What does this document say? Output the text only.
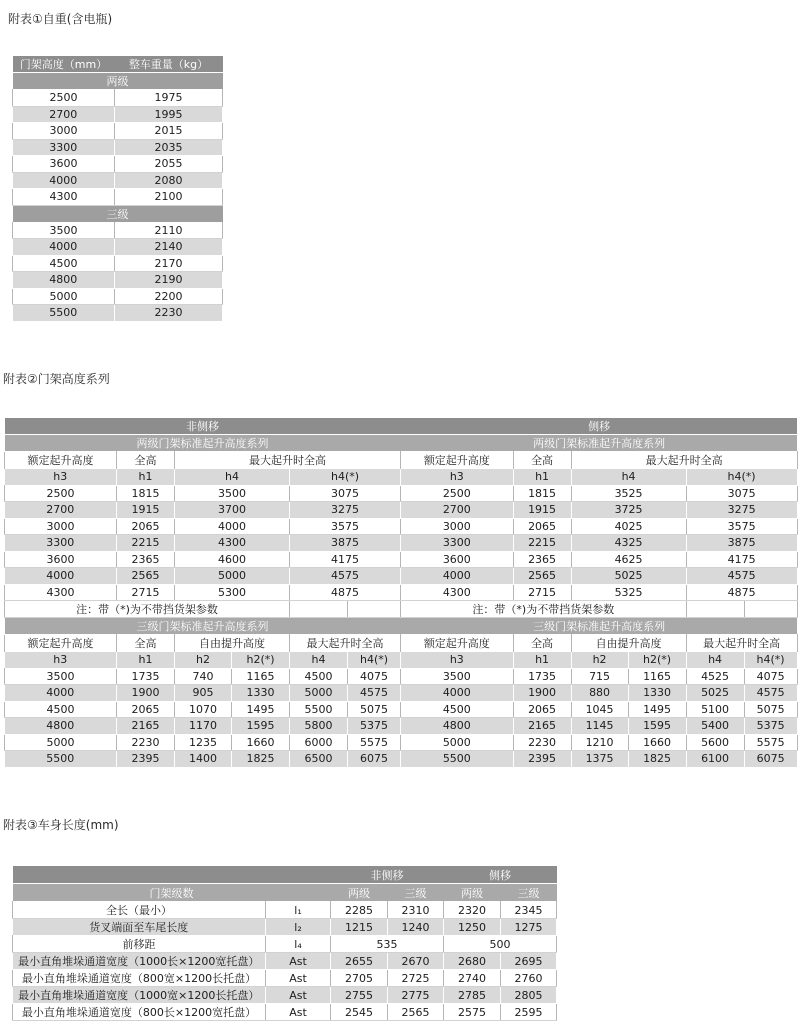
附表①自重(含电瓶)
门架高度（mm）	整车重量（kg）
两级	
2500	1975
2700	1995
3000	2015
3300	2035
3600	2055
4000	2080
4300	2100
三级	
3500	2110
4000	2140
4500	2170
4800	2190
5000	2200
5500	2230
附表②门架高度系列
非侧移					
两级门架标准起升高度系列					
额定起升高度	全高	最大起升时全高			
h3	h1	h4		h4(*)	
2500	1815	3500		3075	
2700	1915	3700		3275	
3000	2065	4000		3575	
3300	2215	4300		3875	
3600	2365	4600		4175	
4000	2565	5000		4575	
4300	2715	5300		4875	
注：带（*)为不带挡货架参数					
三级门架标准起升高度系列					
额定起升高度	全高	自由提升高度		最大起升时全高	
h3	h1	h2	h2(*)	h4	h4(*)
3500	1735	740	1165	4500	4075
4000	1900	905	1330	5000	4575
4500	2065	1070	1495	5500	5075
4800	2165	1170	1595	5800	5375
5000	2230	1235	1660	6000	5575
5500	2395	1400	1825	6500	6075
侧移					
两级门架标准起升高度系列					
额定起升高度	全高	最大起升时全高			
h3	h1	h4		h4(*)	
2500	1815	3525		3075	
2700	1915	3725		3275	
3000	2065	4025		3575	
3300	2215	4325		3875	
3600	2365	4625		4175	
4000	2565	5025		4575	
4300	2715	5325		4875	
注：带（*)为不带挡货架参数					
三级门架标准起升高度系列					
额定起升高度	全高	自由提升高度		最大起升时全高	
h3	h1	h2	h2(*)	h4	h4(*)
3500	1735	715	1165	4525	4075
4000	1900	880	1330	5025	4575
4500	2065	1045	1495	5100	5075
4800	2165	1145	1595	5400	5375
5000	2230	1210	1660	5600	5575
5500	2395	1375	1825	6100	6075
附表③车身长度(mm)
		非侧移		侧移	
门架级数		两级	三级	两级	三级
全长（最小）	l₁	2285	2310	2320	2345
货叉端面至车尾长度	l₂	1215	1240	1250	1275
前移距	l₄	535		500	
最小直角堆垛通道宽度（1000长×1200宽托盘）	Ast	2655	2670	2680	2695
最小直角堆垛通道宽度（800宽×1200长托盘）	Ast	2705	2725	2740	2760
最小直角堆垛通道宽度（1000宽×1200长托盘）	Ast	2755	2775	2785	2805
最小直角堆垛通道宽度（800长×1200宽托盘）	Ast	2545	2565	2575	2595
